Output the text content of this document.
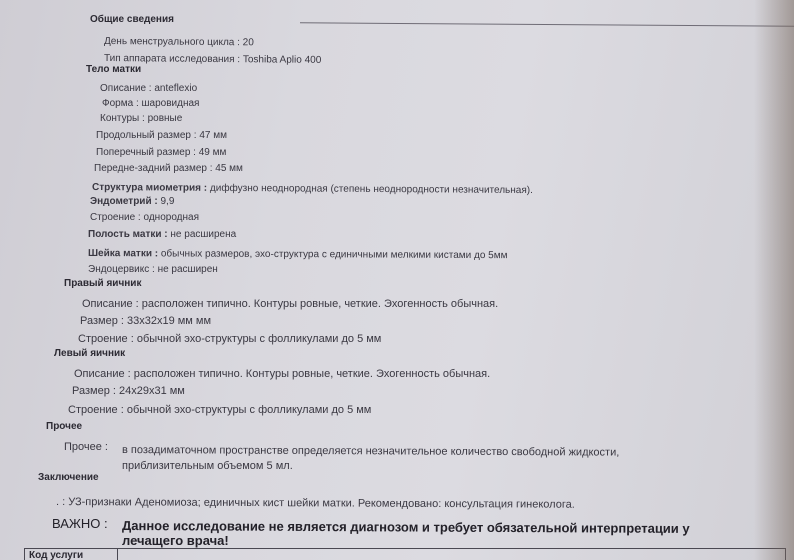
Общие сведения
День менструального цикла : 20
Тип аппарата исследования : Toshiba Aplio 400
Тело матки
Описание : anteflexio
Форма : шаровидная
Контуры : ровные
Продольный размер : 47 мм
Поперечный размер : 49 мм
Передне-задний размер : 45 мм
Структура миометрия : диффузно неоднородная (степень неоднородности незначительная).
Эндометрий : 9,9
Строение : однородная
Полость матки : не расширена
Шейка матки : обычных размеров, эхо-структура с единичными мелкими кистами до 5мм
Эндоцервикс : не расширен
Правый яичник
Описание : расположен типично. Контуры ровные, четкие. Эхогенность обычная.
Размер : 33x32x19 мм мм
Строение : обычной эхо-структуры с фолликулами до 5 мм
Левый яичник
Описание : расположен типично. Контуры ровные, четкие. Эхогенность обычная.
Размер : 24x29x31 мм
Строение : обычной эхо-структуры с фолликулами до 5 мм
Прочее
Прочее : в позадиматочном пространстве определяется незначительное количество свободной жидкости,
приблизительным объемом 5 мл.
Заключение
. : УЗ-признаки Аденомиоза; единичных кист шейки матки. Рекомендовано: консультация гинеколога.
ВАЖНО : Данное исследование не является диагнозом и требует обязательной интерпретации у
лечащего врача!
Код услуги
